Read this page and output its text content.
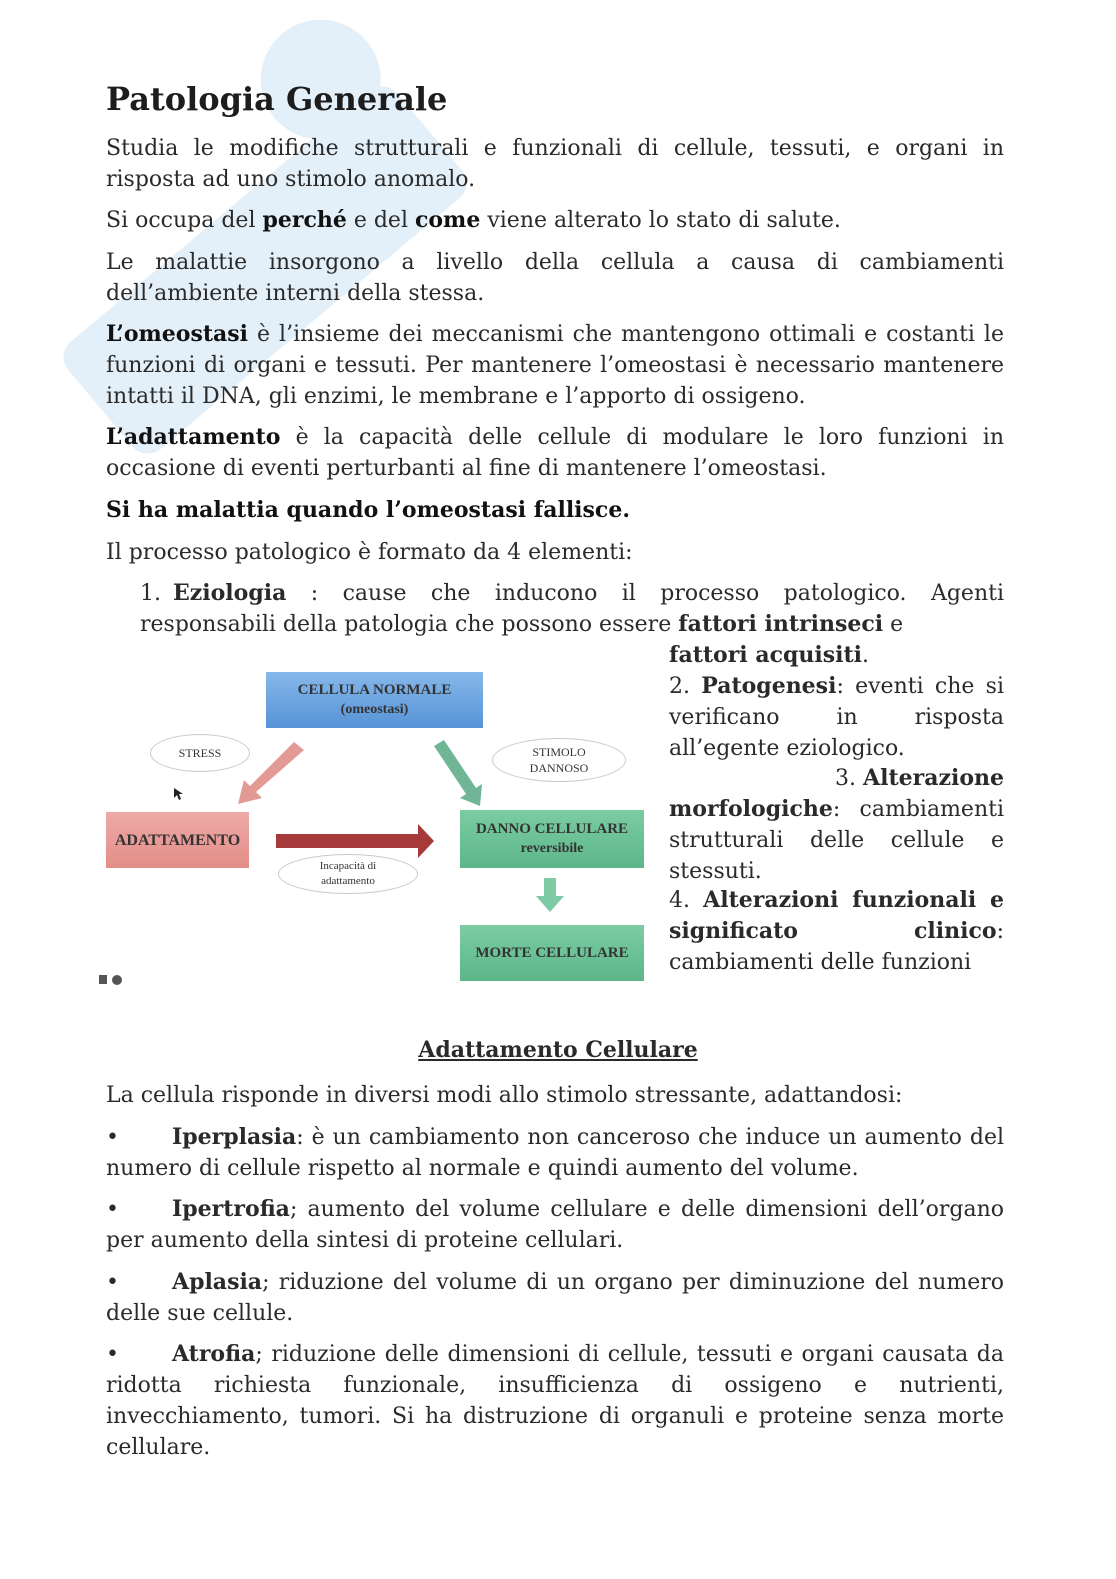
Patologia Generale

Studia le modifiche strutturali e funzionali di cellule, tessuti, e organi in risposta ad uno stimolo anomalo.

Si occupa del perché e del come viene alterato lo stato di salute.

Le malattie insorgono a livello della cellula a causa di cambiamenti dell’ambiente interni della stessa.

L’omeostasi è l’insieme dei meccanismi che mantengono ottimali e costanti le funzioni di organi e tessuti. Per mantenere l’omeostasi è necessario mantenere intatti il DNA, gli enzimi, le membrane e l’apporto di ossigeno.

L’adattamento è la capacità delle cellule di modulare le loro funzioni in occasione di eventi perturbanti al fine di mantenere l’omeostasi.

Si ha malattia quando l’omeostasi fallisce.

Il processo patologico è formato da 4 elementi:

1. Eziologia : cause che inducono il processo patologico. Agenti responsabili della patologia che possono essere fattori intrinseci e

fattori acquisiti.

2. Patogenesi: eventi che si verificano in risposta all’egente eziologico.

3. Alterazione

morfologiche: cambiamenti strutturali delle cellule e stessuti.

4. Alterazioni funzionali e significato clinico: cambiamenti delle funzioni

CELLULA NORMALE
(omeostasi)
STRESS	STIMOLO
DANNOSO
ADATTAMENTO
DANNO CELLULARE
reversibile
Incapacità di
adattamento
MORTE CELLULARE
Adattamento Cellulare

La cellula risponde in diversi modi allo stimolo stressante, adattandosi:

• Iperplasia: è un cambiamento non canceroso che induce un aumento del numero di cellule rispetto al normale e quindi aumento del volume.

• Ipertrofia; aumento del volume cellulare e delle dimensioni dell’organo per aumento della sintesi di proteine cellulari.

• Aplasia; riduzione del volume di un organo per diminuzione del numero delle sue cellule.

• Atrofia; riduzione delle dimensioni di cellule, tessuti e organi causata da ridotta richiesta funzionale, insufficienza di ossigeno e nutrienti, invecchiamento, tumori. Si ha distruzione di organuli e proteine senza morte cellulare.
